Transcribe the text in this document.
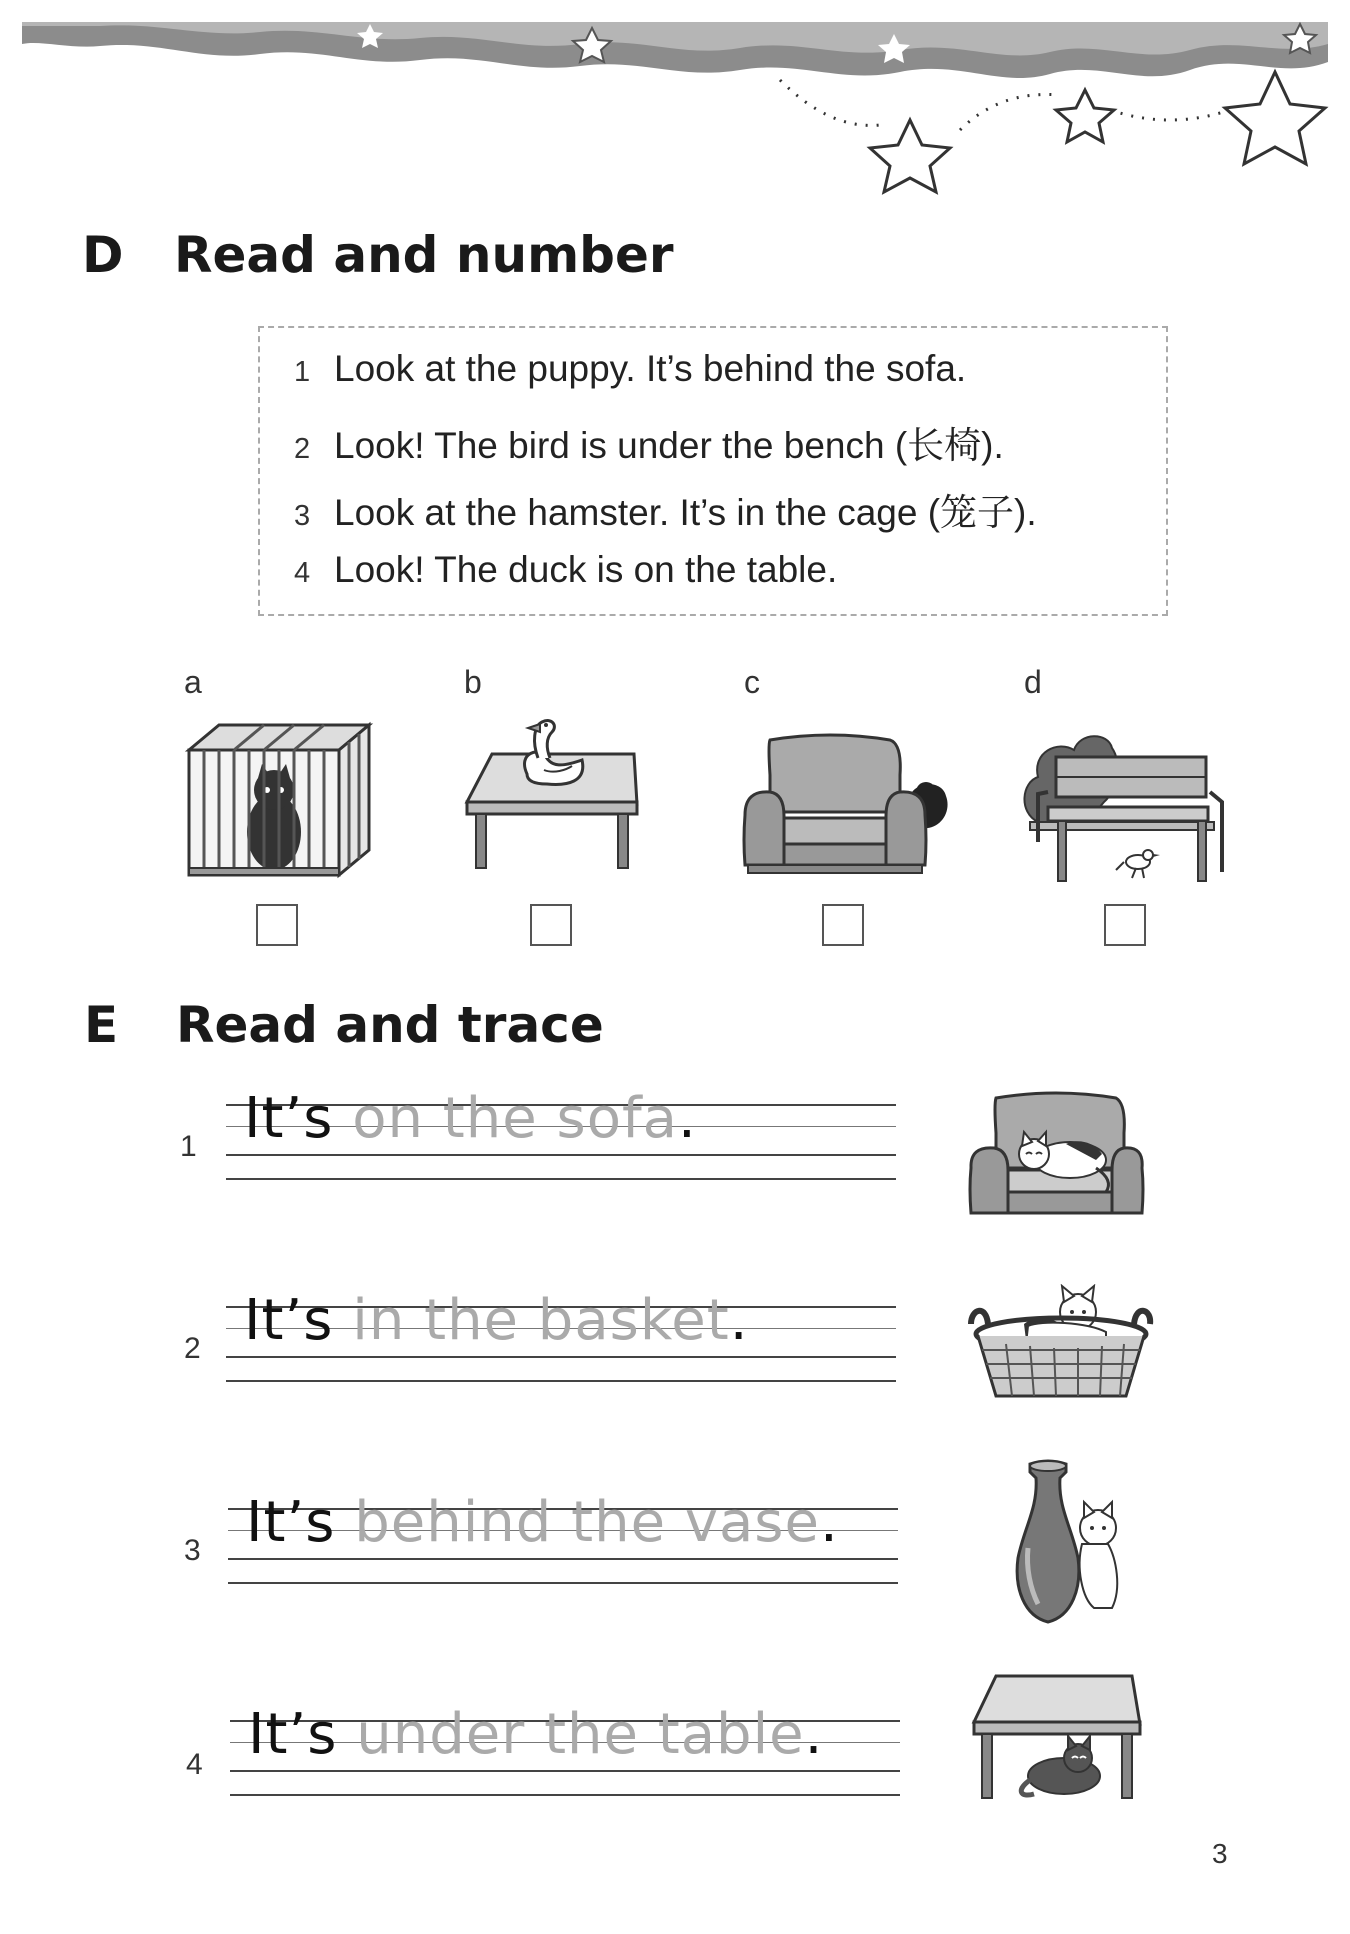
D Read and number
1 Look at the puppy. It’s behind the sofa.
2 Look! The bird is under the bench (长椅).
3 Look at the hamster. It’s in the cage (笼子).
4 Look! The duck is on the table.
a	b	c	d
E Read and trace
1 It’s on the sofa.
2 It’s in the basket.
3 It’s behind the vase.
4 It’s under the table.
3
